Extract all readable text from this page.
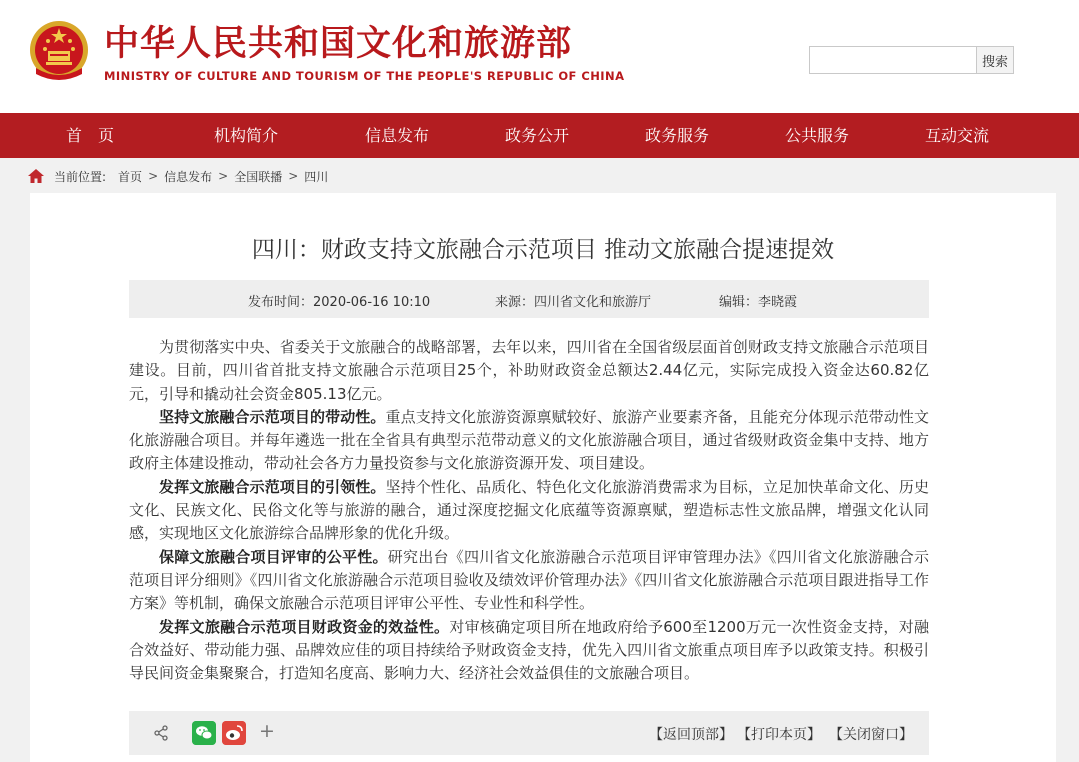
中华人民共和国文化和旅游部
MINISTRY OF CULTURE AND TOURISM OF THE PEOPLE'S REPUBLIC OF CHINA
搜索
首　页	机构简介	信息发布	政务公开	政务服务	公共服务	互动交流
当前位置: 首页 > 信息发布 > 全国联播 > 四川
四川：财政支持文旅融合示范项目 推动文旅融合提速提效
发布时间：2020-06-16 10:10	来源：四川省文化和旅游厅	编辑：李晓霞

为贯彻落实中央、省委关于文旅融合的战略部署，去年以来，四川省在全国省级层面首创财政支持文旅融合示范项目建设。目前，四川省首批支持文旅融合示范项目25个，补助财政资金总额达2.44亿元，实际完成投入资金达60.82亿元，引导和撬动社会资金805.13亿元。

坚持文旅融合示范项目的带动性。重点支持文化旅游资源禀赋较好、旅游产业要素齐备，且能充分体现示范带动性文化旅游融合项目。并每年遴选一批在全省具有典型示范带动意义的文化旅游融合项目，通过省级财政资金集中支持、地方政府主体建设推动，带动社会各方力量投资参与文化旅游资源开发、项目建设。

发挥文旅融合示范项目的引领性。坚持个性化、品质化、特色化文化旅游消费需求为目标，立足加快革命文化、历史文化、民族文化、民俗文化等与旅游的融合，通过深度挖掘文化底蕴等资源禀赋，塑造标志性文旅品牌，增强文化认同感，实现地区文化旅游综合品牌形象的优化升级。

保障文旅融合项目评审的公平性。研究出台《四川省文化旅游融合示范项目评审管理办法》《四川省文化旅游融合示范项目评分细则》《四川省文化旅游融合示范项目验收及绩效评价管理办法》《四川省文化旅游融合示范项目跟进指导工作方案》等机制，确保文旅融合示范项目评审公平性、专业性和科学性。

发挥文旅融合示范项目财政资金的效益性。对审核确定项目所在地政府给予600至1200万元一次性资金支持，对融合效益好、带动能力强、品牌效应佳的项目持续给予财政资金支持，优先入四川省文旅重点项目库予以政策支持。积极引导民间资金集聚聚合，打造知名度高、影响力大、经济社会效益俱佳的文旅融合项目。

+	【返回顶部】 【打印本页】 【关闭窗口】
